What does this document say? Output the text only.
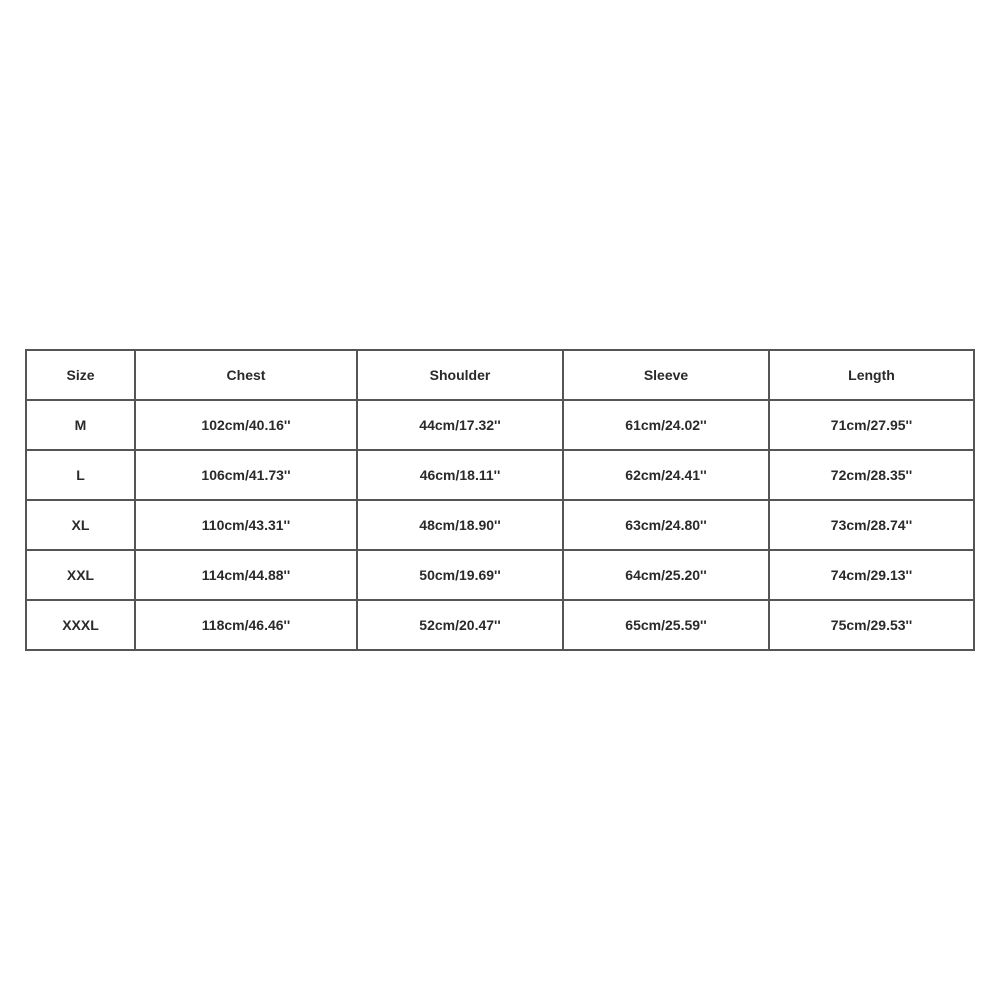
Size	Chest	Shoulder	Sleeve	Length
M	102cm/40.16''	44cm/17.32''	61cm/24.02''	71cm/27.95''
L	106cm/41.73''	46cm/18.11''	62cm/24.41''	72cm/28.35''
XL	110cm/43.31''	48cm/18.90''	63cm/24.80''	73cm/28.74''
XXL	114cm/44.88''	50cm/19.69''	64cm/25.20''	74cm/29.13''
XXXL	118cm/46.46''	52cm/20.47''	65cm/25.59''	75cm/29.53''
